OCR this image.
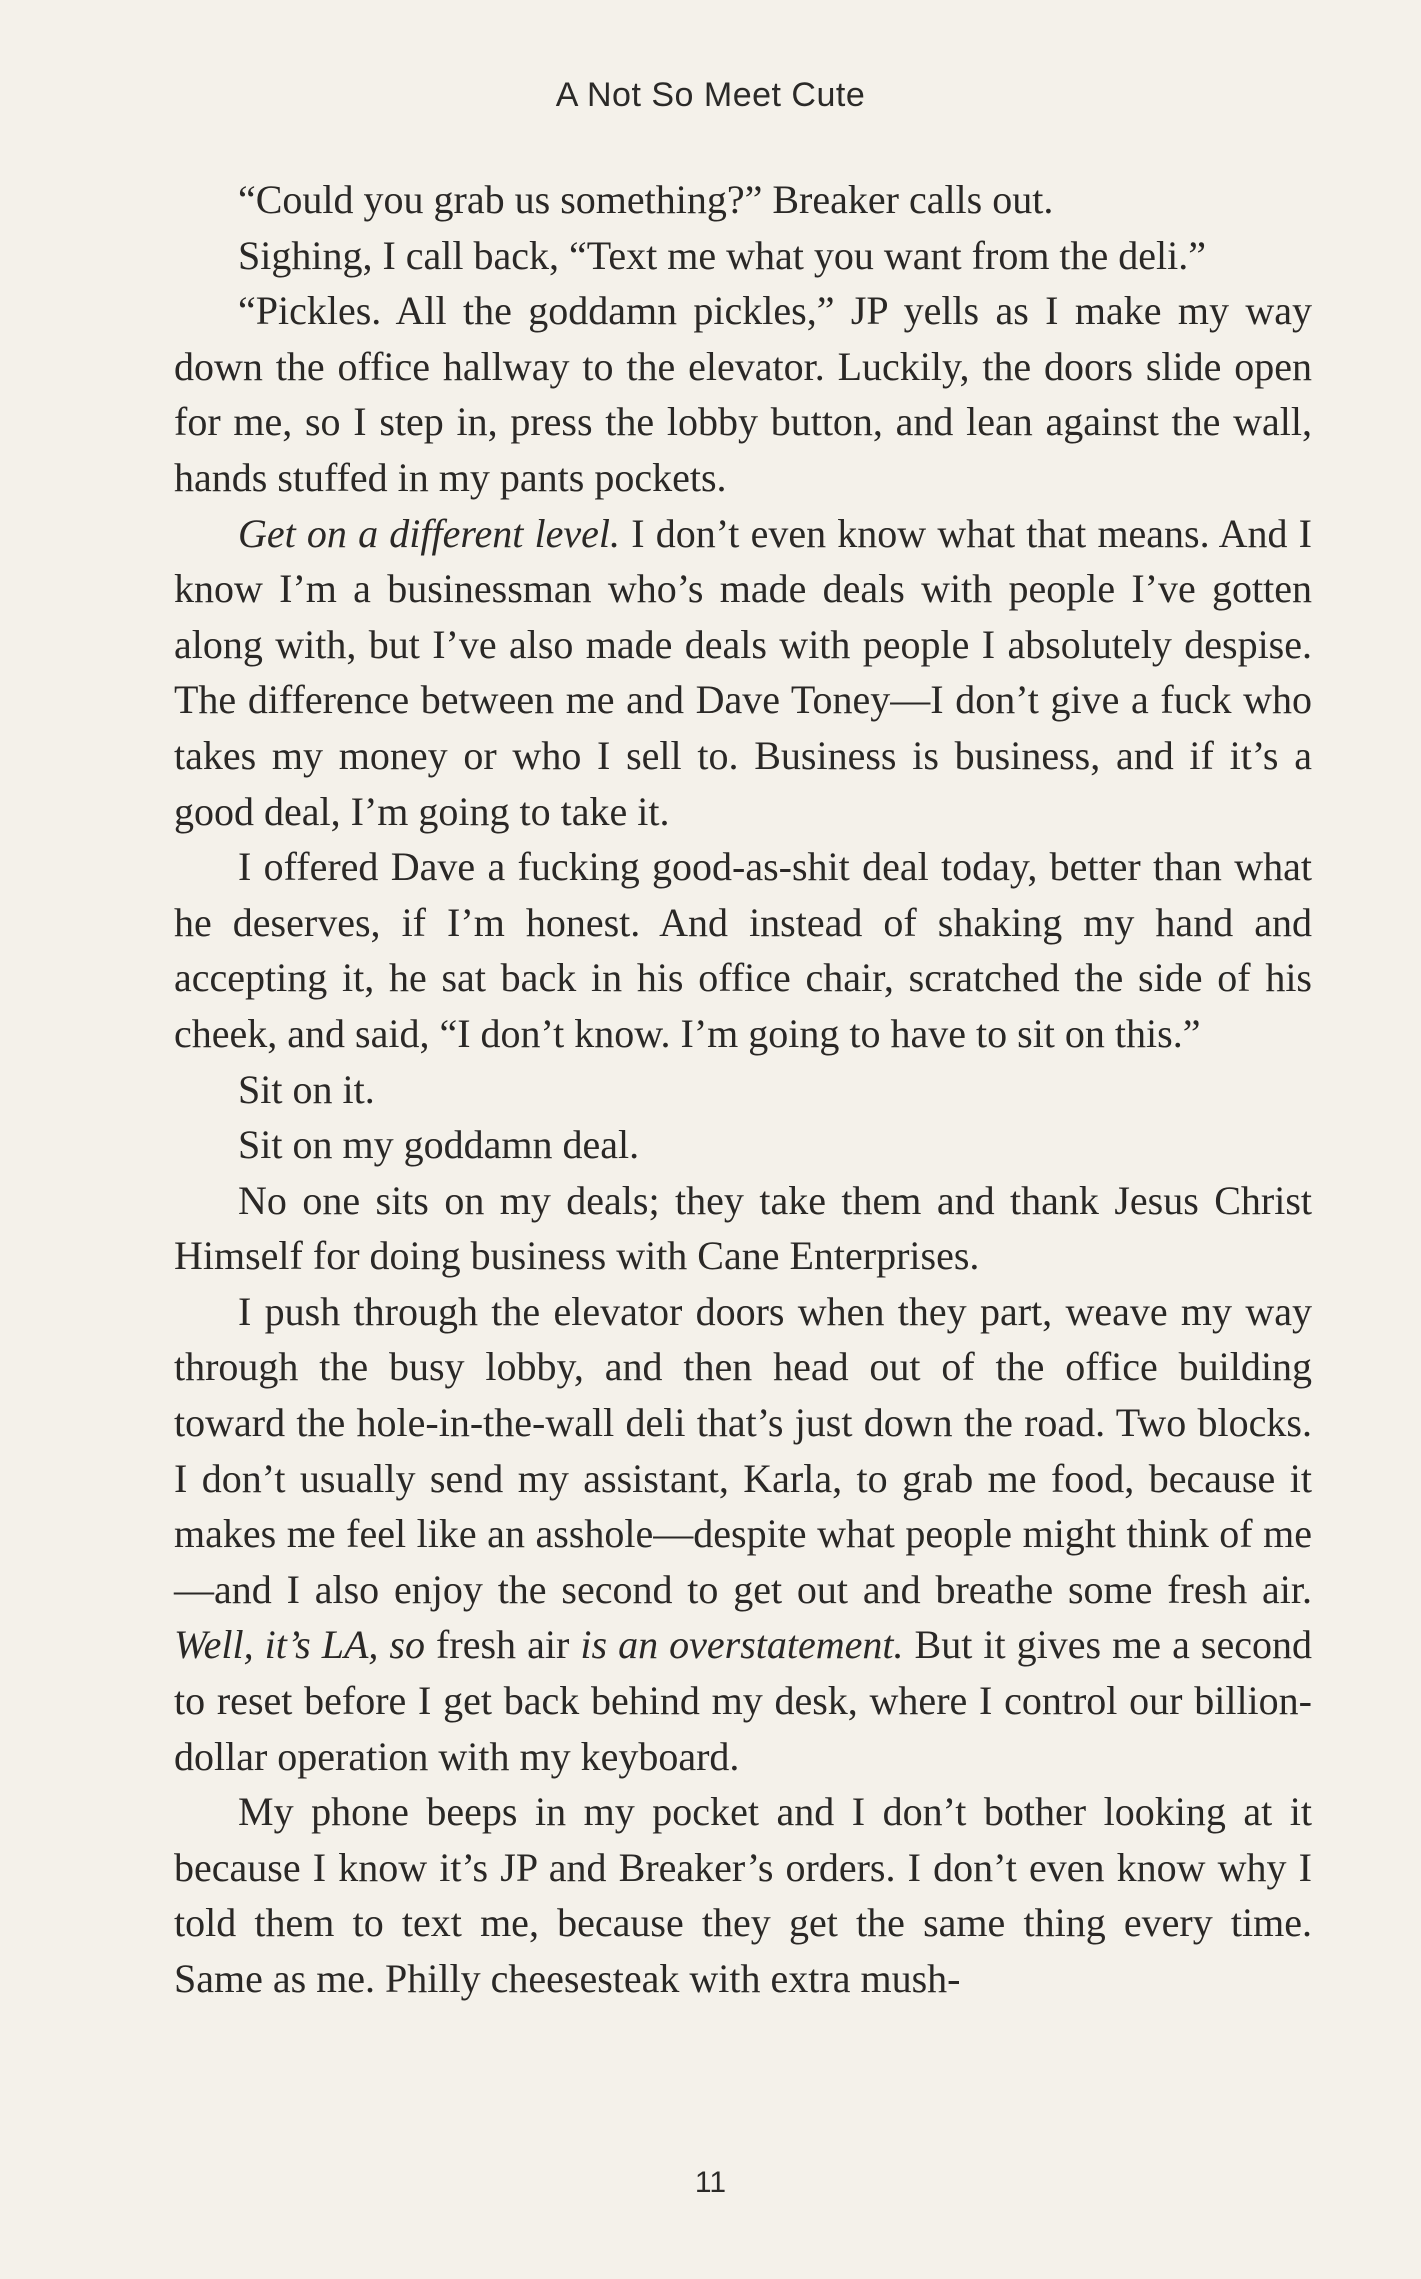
A Not So Meet Cute

“Could you grab us something?” Breaker calls out.

Sighing, I call back, “Text me what you want from the deli.”

“Pickles. All the goddamn pickles,” JP yells as I make my way down the office hallway to the elevator. Luckily, the doors slide open for me, so I step in, press the lobby button, and lean against the wall, hands stuffed in my pants pockets.

Get on a different level. I don’t even know what that means. And I know I’m a businessman who’s made deals with people I’ve gotten along with, but I’ve also made deals with people I absolutely despise. The difference between me and Dave Toney—I don’t give a fuck who takes my money or who I sell to. Business is business, and if it’s a good deal, I’m going to take it.

I offered Dave a fucking good-as-shit deal today, better than what he deserves, if I’m honest. And instead of shaking my hand and accepting it, he sat back in his office chair, scratched the side of his cheek, and said, “I don’t know. I’m going to have to sit on this.”

Sit on it.

Sit on my goddamn deal.

No one sits on my deals; they take them and thank Jesus Christ Himself for doing business with Cane Enterprises.

I push through the elevator doors when they part, weave my way through the busy lobby, and then head out of the office building toward the hole-in-the-wall deli that’s just down the road. Two blocks. I don’t usually send my assistant, Karla, to grab me food, because it makes me feel like an asshole—despite what people might think of me—and I also enjoy the second to get out and breathe some fresh air. Well, it’s LA, so fresh air is an overstatement. But it gives me a second to reset before I get back behind my desk, where I control our billion-dollar operation with my keyboard.

My phone beeps in my pocket and I don’t bother looking at it because I know it’s JP and Breaker’s orders. I don’t even know why I told them to text me, because they get the same thing every time. Same as me. Philly cheesesteak with extra mush-

11
